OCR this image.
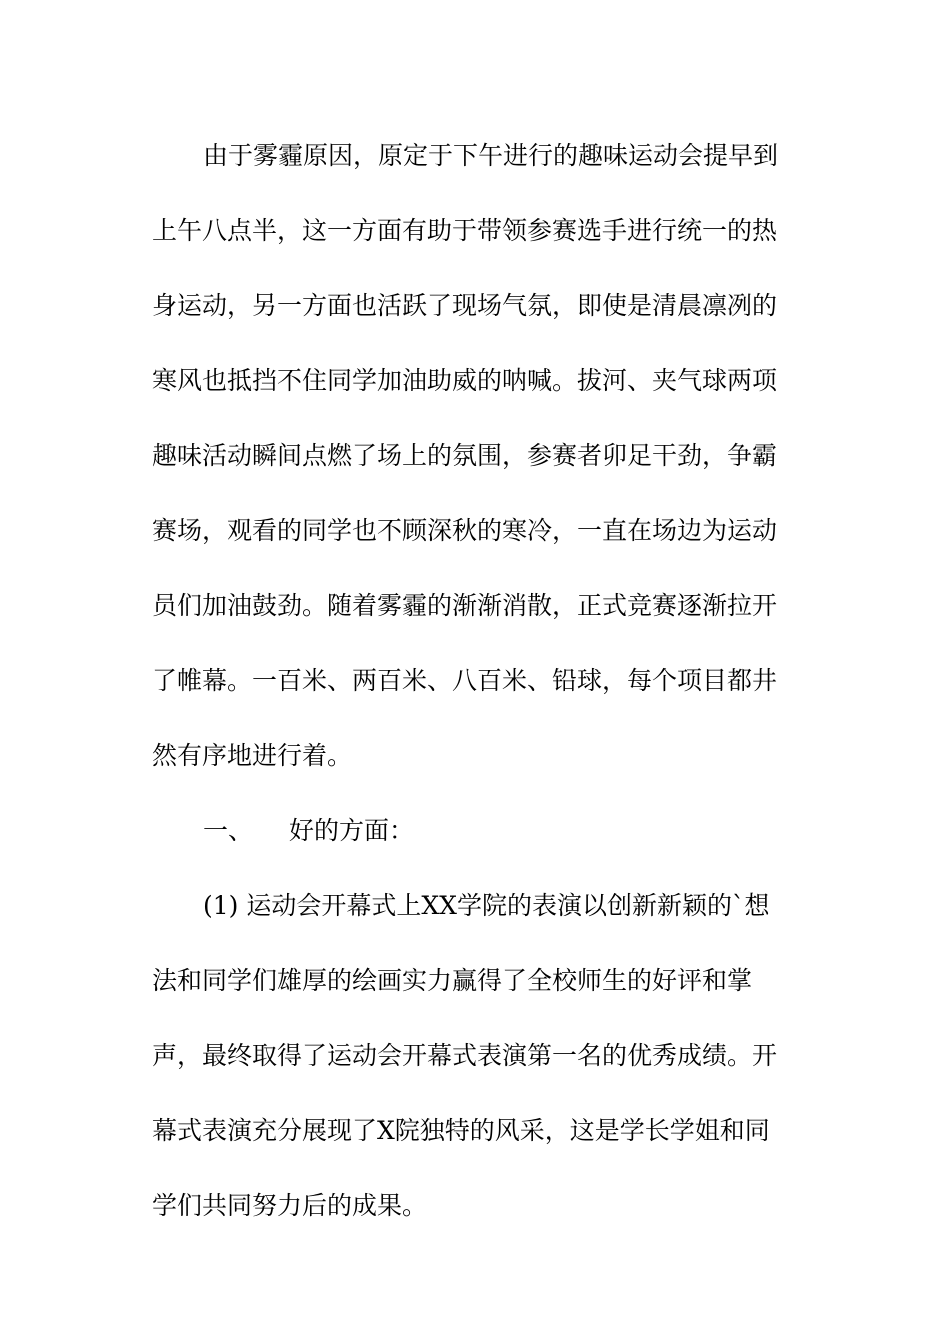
由于雾霾原因，原定于下午进行的趣味运动会提早到
上午八点半，这一方面有助于带领参赛选手进行统一的热
身运动，另一方面也活跃了现场气氛，即使是清晨凛冽的
寒风也抵挡不住同学加油助威的呐喊。拔河、夹气球两项
趣味活动瞬间点燃了场上的氛围，参赛者卯足干劲，争霸
赛场，观看的同学也不顾深秋的寒冷，一直在场边为运动
员们加油鼓劲。随着雾霾的渐渐消散，正式竞赛逐渐拉开
了帷幕。一百米、两百米、八百米、铅球，每个项目都井
然有序地进行着。
一、 好的方面：
(1) 运动会开幕式上XX学院的表演以创新新颖的`想
法和同学们雄厚的绘画实力赢得了全校师生的好评和掌
声，最终取得了运动会开幕式表演第一名的优秀成绩。开
幕式表演充分展现了X院独特的风采，这是学长学姐和同
学们共同努力后的成果。
